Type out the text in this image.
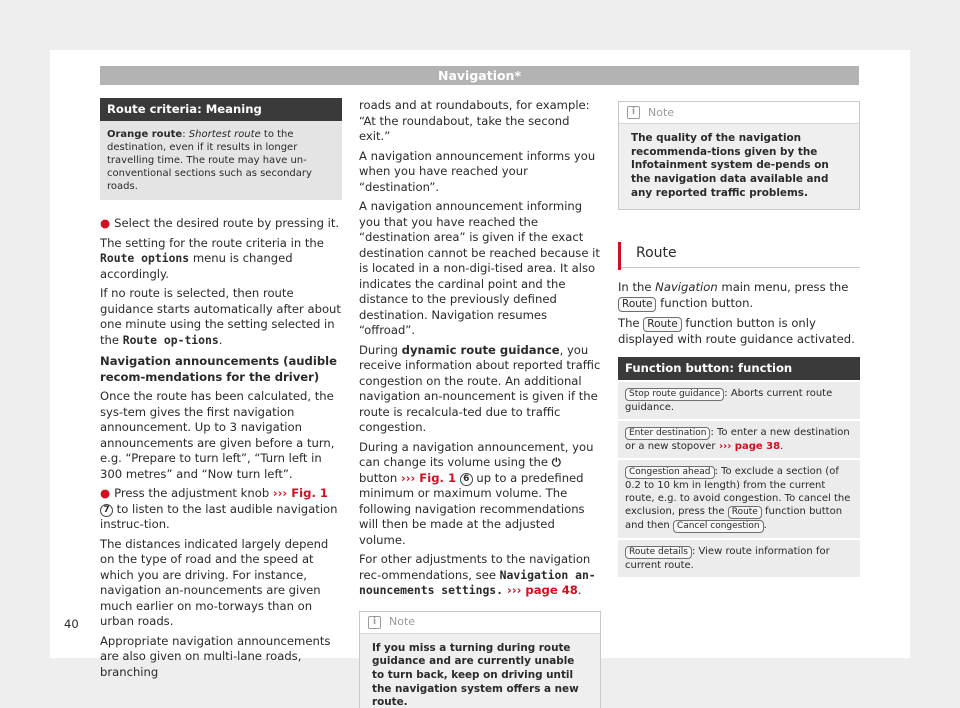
Navigation*
Route criteria: Meaning
Orange route: Shortest route to the destination, even if it results in longer travelling time. The route may have un-conventional sections such as secondary roads.

● Select the desired route by pressing it.

The setting for the route criteria in the Route options menu is changed accordingly.

If no route is selected, then route guidance starts automatically after about one minute using the setting selected in the Route op-tions.

Navigation announcements (audible recom-mendations for the driver)

Once the route has been calculated, the sys-tem gives the first navigation announcement. Up to 3 navigation announcements are given before a turn, e.g. “Prepare to turn left”, “Turn left in 300 metres” and “Now turn left”.

● Press the adjustment knob ››› Fig. 1 7 to listen to the last audible navigation instruc-tion.

The distances indicated largely depend on the type of road and the speed at which you are driving. For instance, navigation an-nouncements are given much earlier on mo-torways than on urban roads.

Appropriate navigation announcements are also given on multi-lane roads, branching

roads and at roundabouts, for example: “At the roundabout, take the second exit.”

A navigation announcement informs you when you have reached your “destination”.

A navigation announcement informing you that you have reached the “destination area” is given if the exact destination cannot be reached because it is located in a non-digi-tised area. It also indicates the cardinal point and the distance to the previously defined destination. Navigation resumes “offroad”.

During dynamic route guidance, you receive information about reported traffic congestion on the route. An additional navigation an-nouncement is given if the route is recalcula-ted due to traffic congestion.

During a navigation announcement, you can change its volume using the ⏻ button ››› Fig. 1 6 up to a predefined minimum or maximum volume. The following navigation recommendations will then be made at the adjusted volume.

For other adjustments to the navigation rec-ommendations, see Navigation an-nouncements settings. ››› page 48.

i	Note
If you miss a turning during route guidance and are currently unable to turn back, keep on driving until the navigation system offers a new route.
i	Note
The quality of the navigation recommenda-tions given by the Infotainment system de-pends on the navigation data available and any reported traffic problems.
Route

In the Navigation main menu, press the Route function button.

The Route function button is only displayed with route guidance activated.

Function button: function
Stop route guidance : Aborts current route guidance.
Enter destination : To enter a new destination or a new stopover ››› page 38.
Congestion ahead : To exclude a section (of 0.2 to 10 km in length) from the current route, e.g. to avoid congestion. To cancel the exclusion, press the Route function button and then Cancel congestion .
Route details : View route information for current route.
40
